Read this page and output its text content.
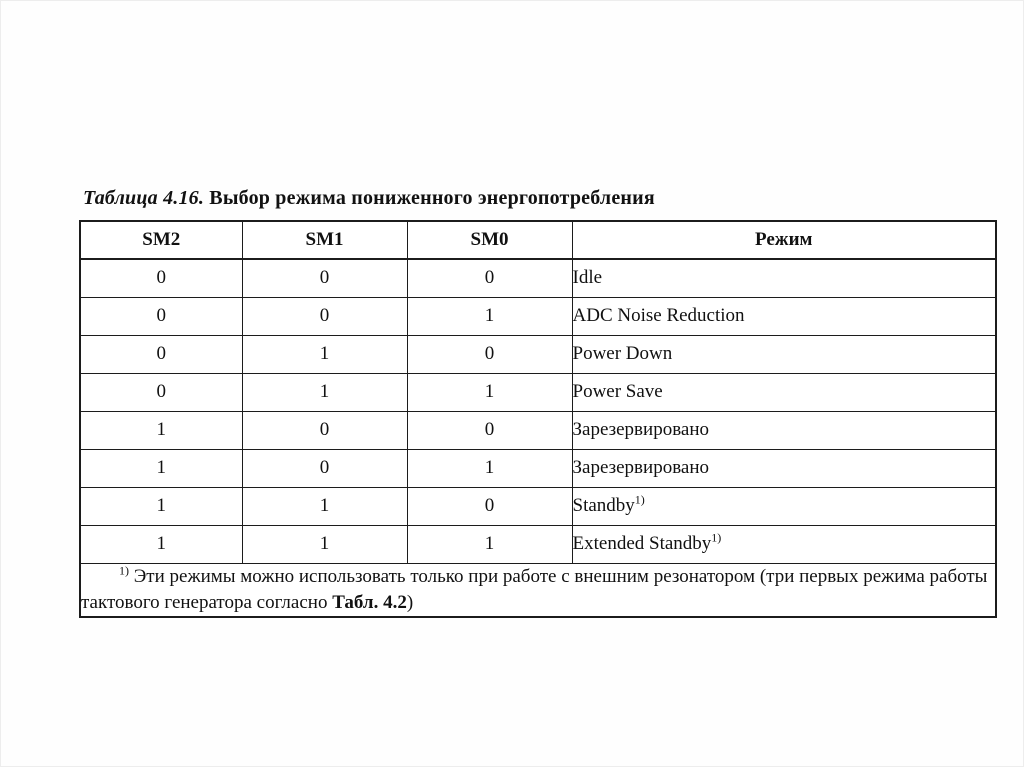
Таблица 4.16. Выбор режима пониженного энергопотребления
SM2	SM1	SM0	Режим
0	0	0	Idle
0	0	1	ADC Noise Reduction
0	1	0	Power Down
0	1	1	Power Save
1	0	0	Зарезервировано
1	0	1	Зарезервировано
1	1	0	Standby$^{1)}$
1	1	1	Extended Standby$^{1)}$
$^{1)}$ Эти режимы можно использовать только при работе с внешним резонатором (три первых режима работы тактового генератора согласно Табл. 4.2)			
